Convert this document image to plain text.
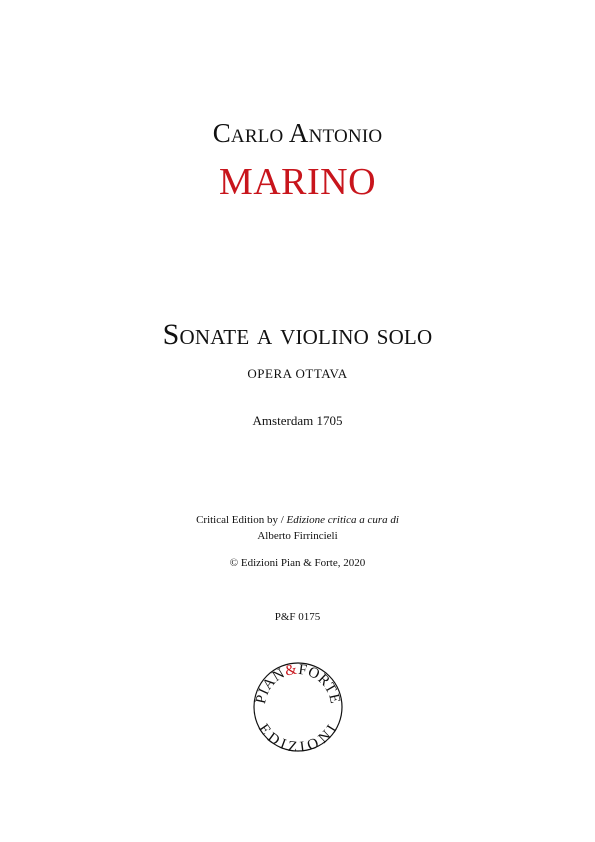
Carlo Antonio
MARINO
Sonate a violino solo
OPERA OTTAVA
Amsterdam 1705
Critical Edition by / Edizione critica a cura di
Alberto Firrincieli
© Edizioni Pian & Forte, 2020
P&F 0175
PIAN&FORTE
EDIZIONI
